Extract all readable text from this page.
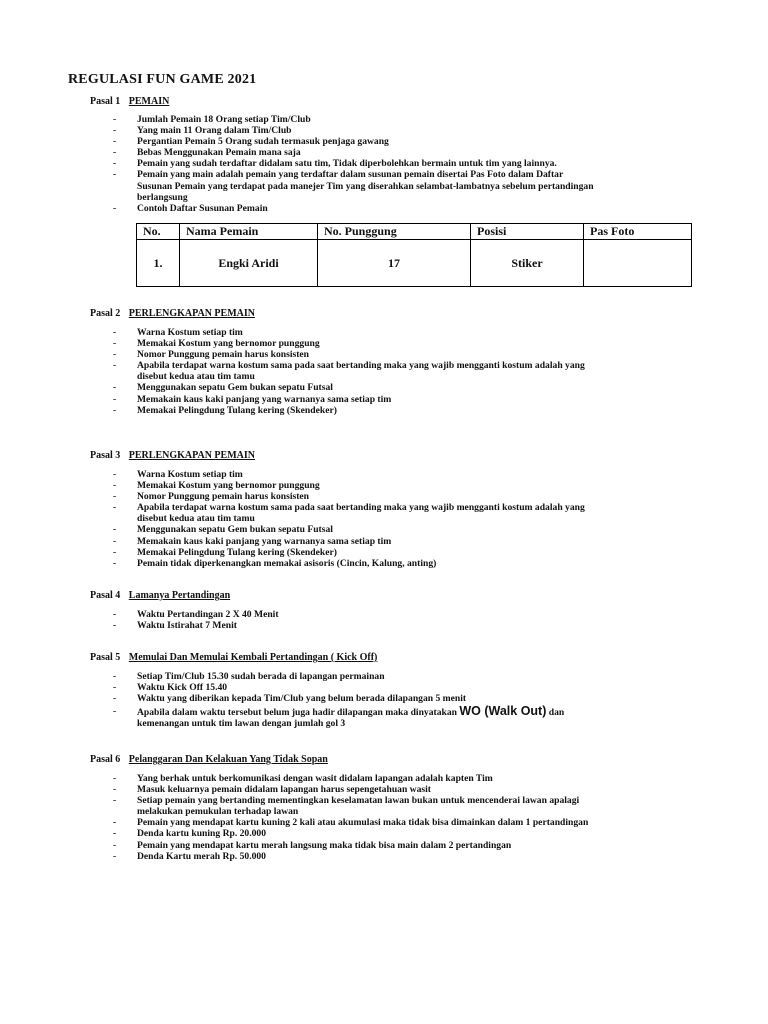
REGULASI FUN GAME 2021
Pasal 1 PEMAIN
- Jumlah Pemain 18 Orang setiap Tim/Club
- Yang main 11 Orang dalam Tim/Club
- Pergantian Pemain 5 Orang sudah termasuk penjaga gawang
- Bebas Menggunakan Pemain mana saja
- Pemain yang sudah terdaftar didalam satu tim, Tidak diperbolehkan bermain untuk tim yang lainnya.
- Pemain yang main adalah pemain yang terdaftar dalam susunan pemain disertai Pas Foto dalam Daftar
Susunan Pemain yang terdapat pada manejer Tim yang diserahkan selambat-lambatnya sebelum pertandingan
berlangsung
- Contoh Daftar Susunan Pemain
No.	Nama Pemain	No. Punggung	Posisi	Pas Foto
1.	Engki Aridi	17	Stiker	
Pasal 2 PERLENGKAPAN PEMAIN
- Warna Kostum setiap tim
- Memakai Kostum yang bernomor punggung
- Nomor Punggung pemain harus konsisten
- Apabila terdapat warna kostum sama pada saat bertanding maka yang wajib mengganti kostum adalah yang
disebut kedua atau tim tamu
- Menggunakan sepatu Gem bukan sepatu Futsal
- Memakain kaus kaki panjang yang warnanya sama setiap tim
- Memakai Pelingdung Tulang kering (Skendeker)
Pasal 3 PERLENGKAPAN PEMAIN
- Warna Kostum setiap tim
- Memakai Kostum yang bernomor punggung
- Nomor Punggung pemain harus konsisten
- Apabila terdapat warna kostum sama pada saat bertanding maka yang wajib mengganti kostum adalah yang
disebut kedua atau tim tamu
- Menggunakan sepatu Gem bukan sepatu Futsal
- Memakain kaus kaki panjang yang warnanya sama setiap tim
- Memakai Pelingdung Tulang kering (Skendeker)
- Pemain tidak diperkenangkan memakai asisoris (Cincin, Kalung, anting)
Pasal 4 Lamanya Pertandingan
- Waktu Pertandingan 2 X 40 Menit
- Waktu Istirahat 7 Menit
Pasal 5 Memulai Dan Memulai Kembali Pertandingan ( Kick Off)
- Setiap Tim/Club 15.30 sudah berada di lapangan permainan
- Waktu Kick Off 15.40
- Waktu yang diberikan kepada Tim/Club yang belum berada dilapangan 5 menit
- Apabila dalam waktu tersebut belum juga hadir dilapangan maka dinyatakan WO (Walk Out) dan
kemenangan untuk tim lawan dengan jumlah gol 3
Pasal 6 Pelanggaran Dan Kelakuan Yang Tidak Sopan
- Yang berhak untuk berkomunikasi dengan wasit didalam lapangan adalah kapten Tim
- Masuk keluarnya pemain didalam lapangan harus sepengetahuan wasit
- Setiap pemain yang bertanding mementingkan keselamatan lawan bukan untuk mencenderai lawan apalagi
melakukan pemukulan terhadap lawan
- Pemain yang mendapat kartu kuning 2 kali atau akumulasi maka tidak bisa dimainkan dalam 1 pertandingan
- Denda kartu kuning Rp. 20.000
- Pemain yang mendapat kartu merah langsung maka tidak bisa main dalam 2 pertandingan
- Denda Kartu merah Rp. 50.000
